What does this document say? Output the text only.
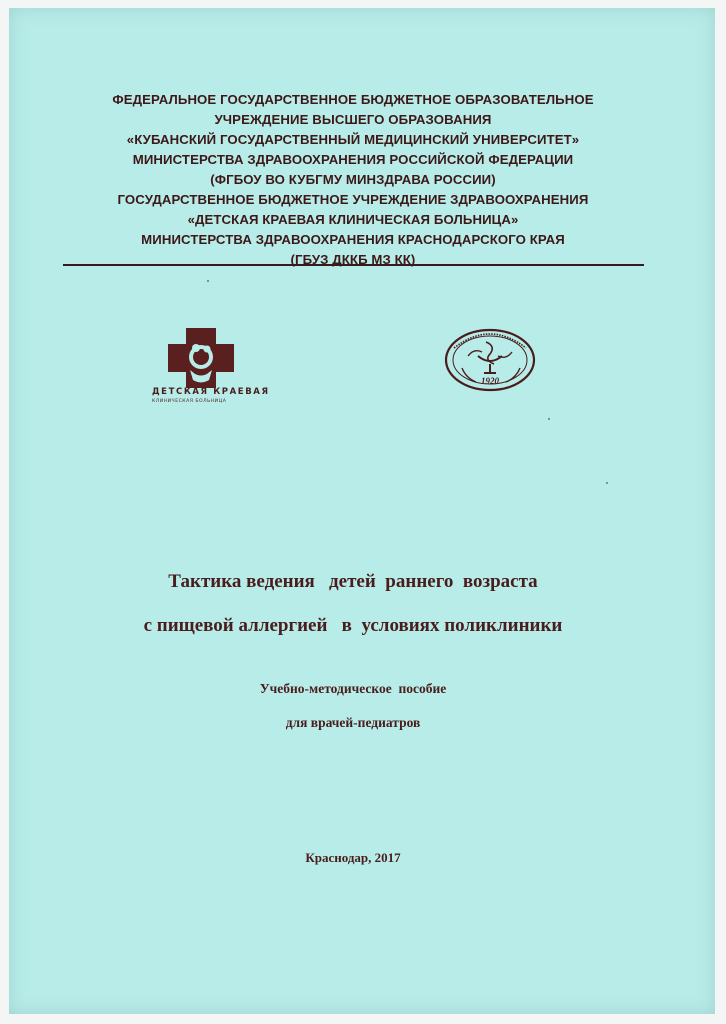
ФЕДЕРАЛЬНОЕ ГОСУДАРСТВЕННОЕ БЮДЖЕТНОЕ ОБРАЗОВАТЕЛЬНОЕ
УЧРЕЖДЕНИЕ ВЫСШЕГО ОБРАЗОВАНИЯ
«КУБАНСКИЙ ГОСУДАРСТВЕННЫЙ МЕДИЦИНСКИЙ УНИВЕРСИТЕТ»
МИНИСТЕРСТВА ЗДРАВООХРАНЕНИЯ РОССИЙСКОЙ ФЕДЕРАЦИИ
(ФГБОУ ВО КУБГМУ МИНЗДРАВА РОССИИ)
ГОСУДАРСТВЕННОЕ БЮДЖЕТНОЕ УЧРЕЖДЕНИЕ ЗДРАВООХРАНЕНИЯ
«ДЕТСКАЯ КРАЕВАЯ КЛИНИЧЕСКАЯ БОЛЬНИЦА»
МИНИСТЕРСТВА ЗДРАВООХРАНЕНИЯ КРАСНОДАРСКОГО КРАЯ
(ГБУЗ ДККБ МЗ КК)
ДЕТСКАЯ КРАЕВАЯ
КЛИНИЧЕСКАЯ БОЛЬНИЦА
1920
Тактика ведения   детей  раннего  возраста
с пищевой аллергией   в  условиях поликлиники
Учебно-методическое  пособие
для врачей-педиатров
Краснодар, 2017
